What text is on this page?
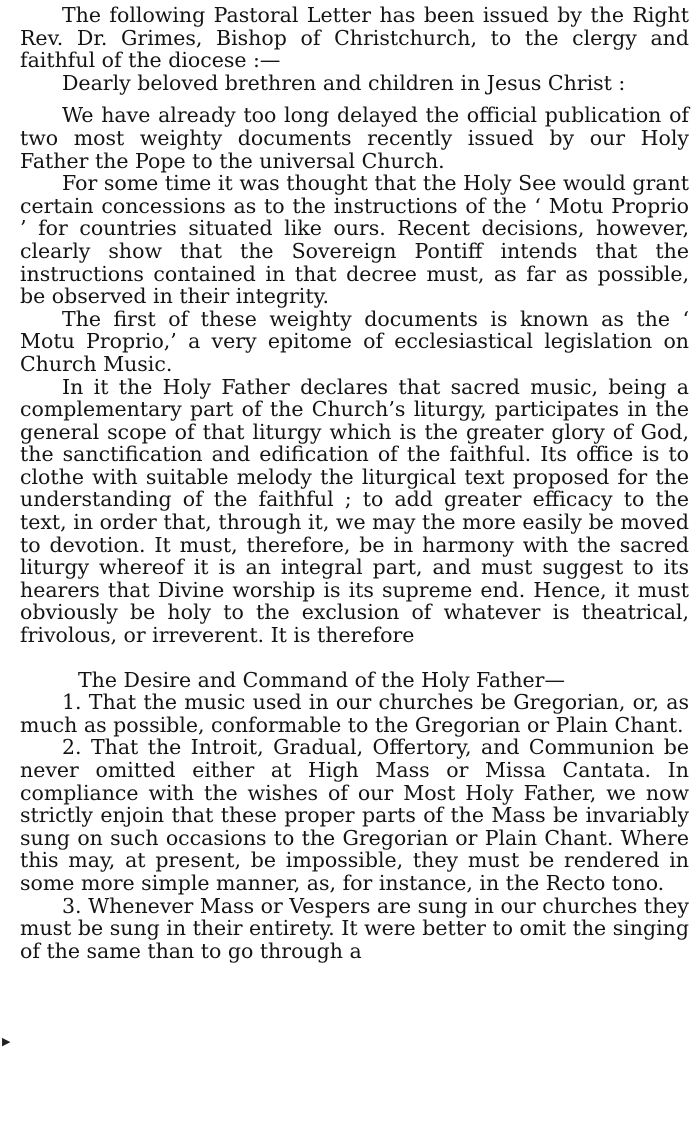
The following Pastoral Letter has been issued by the Right Rev. Dr. Grimes, Bishop of Christchurch, to the clergy and faithful of the diocese :—

Dearly beloved brethren and children in Jesus Christ :

We have already too long delayed the official publication of two most weighty documents recently issued by our Holy Father the Pope to the universal Church.

For some time it was thought that the Holy See would grant certain concessions as to the instructions of the ‘ Motu Proprio ’ for countries situated like ours. Recent decisions, however, clearly show that the Sovereign Pontiff intends that the instructions contained in that decree must, as far as possible, be observed in their integrity.

The first of these weighty documents is known as the ‘ Motu Proprio,’ a very epitome of ecclesiastical legislation on Church Music.

In it the Holy Father declares that sacred music, being a complementary part of the Church’s liturgy, participates in the general scope of that liturgy which is the greater glory of God, the sanctification and edification of the faithful. Its office is to clothe with suitable melody the liturgical text proposed for the understanding of the faithful ; to add greater efficacy to the text, in order that, through it, we may the more easily be moved to devotion. It must, therefore, be in harmony with the sacred liturgy whereof it is an integral part, and must suggest to its hearers that Divine worship is its supreme end. Hence, it must obviously be holy to the exclusion of whatever is theatrical, frivolous, or irreverent. It is therefore

The Desire and Command of the Holy Father—

1. That the music used in our churches be Gregorian, or, as much as possible, conformable to the Gregorian or Plain Chant.

2. That the Introit, Gradual, Offertory, and Communion be never omitted either at High Mass or Missa Cantata. In compliance with the wishes of our Most Holy Father, we now strictly enjoin that these proper parts of the Mass be invariably sung on such occasions to the Gregorian or Plain Chant. Where this may, at present, be impossible, they must be rendered in some more simple manner, as, for instance, in the Recto tono.

3. Whenever Mass or Vespers are sung in our churches they must be sung in their entirety. It were better to omit the singing of the same than to go through a

▶
